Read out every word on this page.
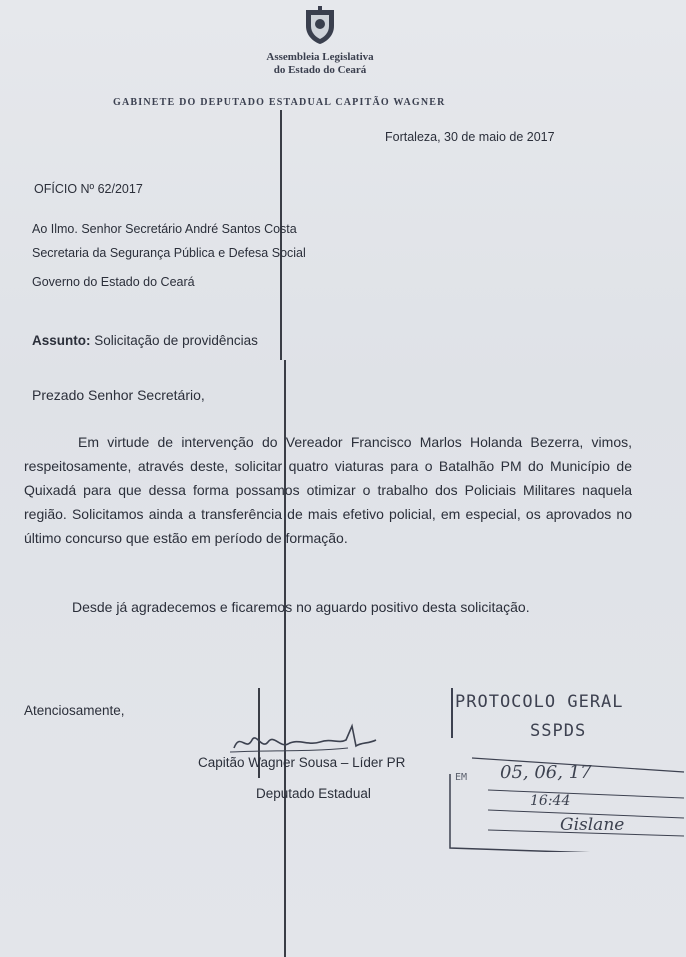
Assembleia Legislativa
do Estado do Ceará
GABINETE DO DEPUTADO ESTADUAL CAPITÃO WAGNER
Fortaleza, 30 de maio de 2017
OFÍCIO Nº 62/2017
Ao Ilmo. Senhor Secretário André Santos Costa
Secretaria da Segurança Pública e Defesa Social
Governo do Estado do Ceará
Assunto: Solicitação de providências
Prezado Senhor Secretário,

Em virtude de intervenção do Vereador Francisco Marlos Holanda Bezerra, vimos, respeitosamente, através deste, solicitar quatro viaturas para o Batalhão PM do Município de Quixadá para que dessa forma possamos otimizar o trabalho dos Policiais Militares naquela região. Solicitamos ainda a transferência de mais efetivo policial, em especial, os aprovados no último concurso que estão em período de formação.

Desde já agradecemos e ficaremos no aguardo positivo desta solicitação.
Atenciosamente,
Capitão Wagner Sousa – Líder PR
Deputado Estadual
PROTOCOLO GERAL
SSPDS
EM 05, 06, 17
16:44
Gislane
